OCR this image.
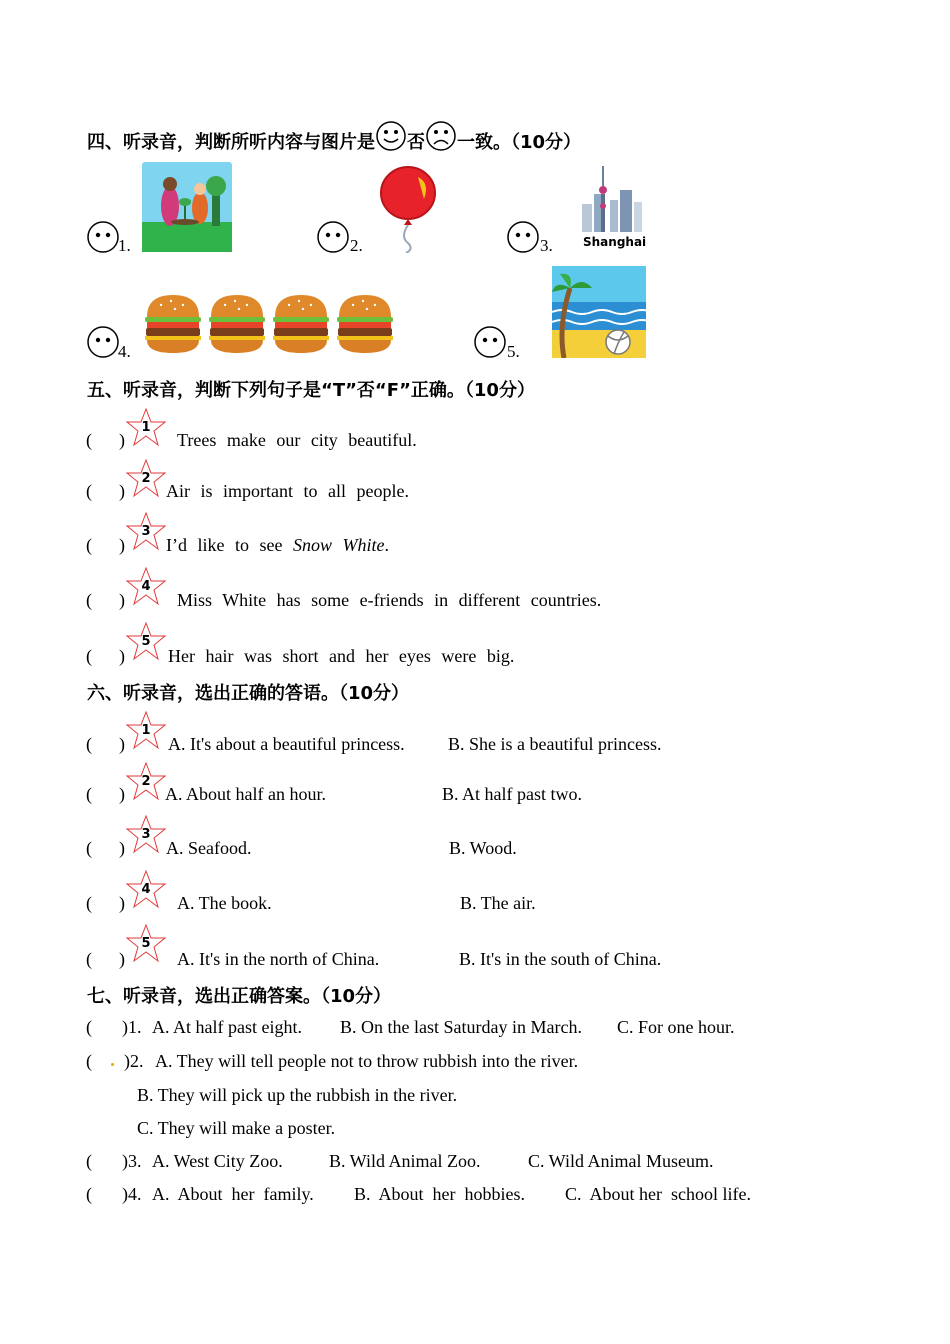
四、听录音，判断所听内容与图片是 否 一致。（10分）
1.	2.	3.	Shanghai
4.	5.
五、听录音，判断下列句子是“T”否“F”正确。（10分）
( )
1
Trees make our city beautiful.
( )
2
Air is important to all people.
( )
3
I’d like to see Snow White.
( )
4
Miss White has some e-friends in different countries.
( )
5
Her hair was short and her eyes were big.
六、听录音，选出正确的答语。（10分）
( )
1
A. It's about a beautiful princess. B. She is a beautiful princess.
( )
2
A. About half an hour.	B. At half past two.
( )
3
A. Seafood.	B. Wood.
( )
4
A. The book.	B. The air.
( )
5
A. It's in the north of China.	B. It's in the south of China.
七、听录音，选出正确答案。（10分）
( )1. A. At half past eight. B. On the last Saturday in March. C. For one hour.
( )2. A. They will tell people not to throw rubbish into the river.
B. They will pick up the rubbish in the river.
C. They will make a poster.
( )3. A. West City Zoo.	B. Wild Animal Zoo.	C. Wild Animal Museum.
( )4. A.  About  her  family. B.  About  her  hobbies. C.  About her  school life.
